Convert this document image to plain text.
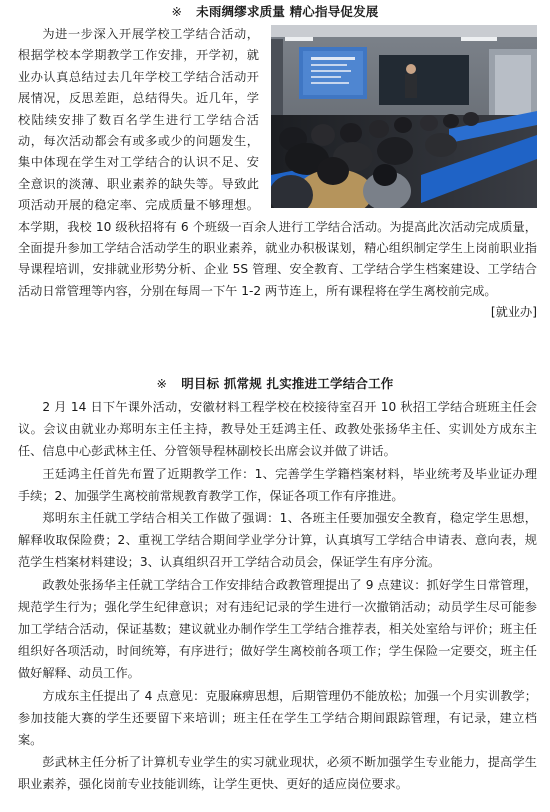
※ 未雨绸缪求质量 精心指导促发展

为进一步深入开展学校工学结合活动，根据学校本学期教学工作安排，开学初，就业办认真总结过去几年学校工学结合活动开展情况，反思差距，总结得失。近几年，学校陆续安排了数百名学生进行工学结合活动，每次活动都会有或多或少的问题发生，集中体现在学生对工学结合的认识不足、安全意识的淡薄、职业素养的缺失等。导致此项活动开展的稳定率、完成质量不够理想。本学期，我校 10 级秋招将有 6 个班级一百余人进行工学结合活动。为提高此次活动完成质量，全面提升参加工学结合活动学生的职业素养，就业办积极谋划，精心组织制定学生上岗前职业指导课程培训，安排就业形势分析、企业 5S 管理、安全教育、工学结合学生档案建设、工学结合活动日常管理等内容，分别在每周一下午 1-2 两节连上，所有课程将在学生离校前完成。
[就业办]

※ 明目标 抓常规 扎实推进工学结合工作

2 月 14 日下午课外活动，安徽材料工程学校在校接待室召开 10 秋招工学结合班班主任会议。会议由就业办郑明东主任主持，教导处王廷鸿主任、政教处张扬华主任、实训处方成东主任、信息中心彭武林主任、分管领导程林副校长出席会议并做了讲话。

王廷鸿主任首先布置了近期教学工作：1、完善学生学籍档案材料，毕业统考及毕业证办理手续；2、加强学生离校前常规教育教学工作，保证各项工作有序推进。

郑明东主任就工学结合相关工作做了强调：1、各班主任要加强安全教育，稳定学生思想，解释收取保险费；2、重视工学结合期间学业学分计算，认真填写工学结合申请表、意向表，规范学生档案材料建设；3、认真组织召开工学结合动员会，保证学生有序分流。

政教处张扬华主任就工学结合工作安排结合政教管理提出了 9 点建议：抓好学生日常管理，规范学生行为；强化学生纪律意识；对有违纪记录的学生进行一次撤销活动；动员学生尽可能参加工学结合活动，保证基数；建议就业办制作学生工学结合推荐表，相关处室给与评价；班主任组织好各项活动，时间统筹，有序进行；做好学生离校前各项工作；学生保险一定要交，班主任做好解释、动员工作。

方成东主任提出了 4 点意见：克服麻痹思想，后期管理仍不能放松；加强一个月实训教学；参加技能大赛的学生还要留下来培训；班主任在学生工学结合期间跟踪管理，有记录，建立档案。

彭武林主任分析了计算机专业学生的实习就业现状，必须不断加强学生专业能力，提高学生职业素养，强化岗前专业技能训练，让学生更快、更好的适应岗位要求。
